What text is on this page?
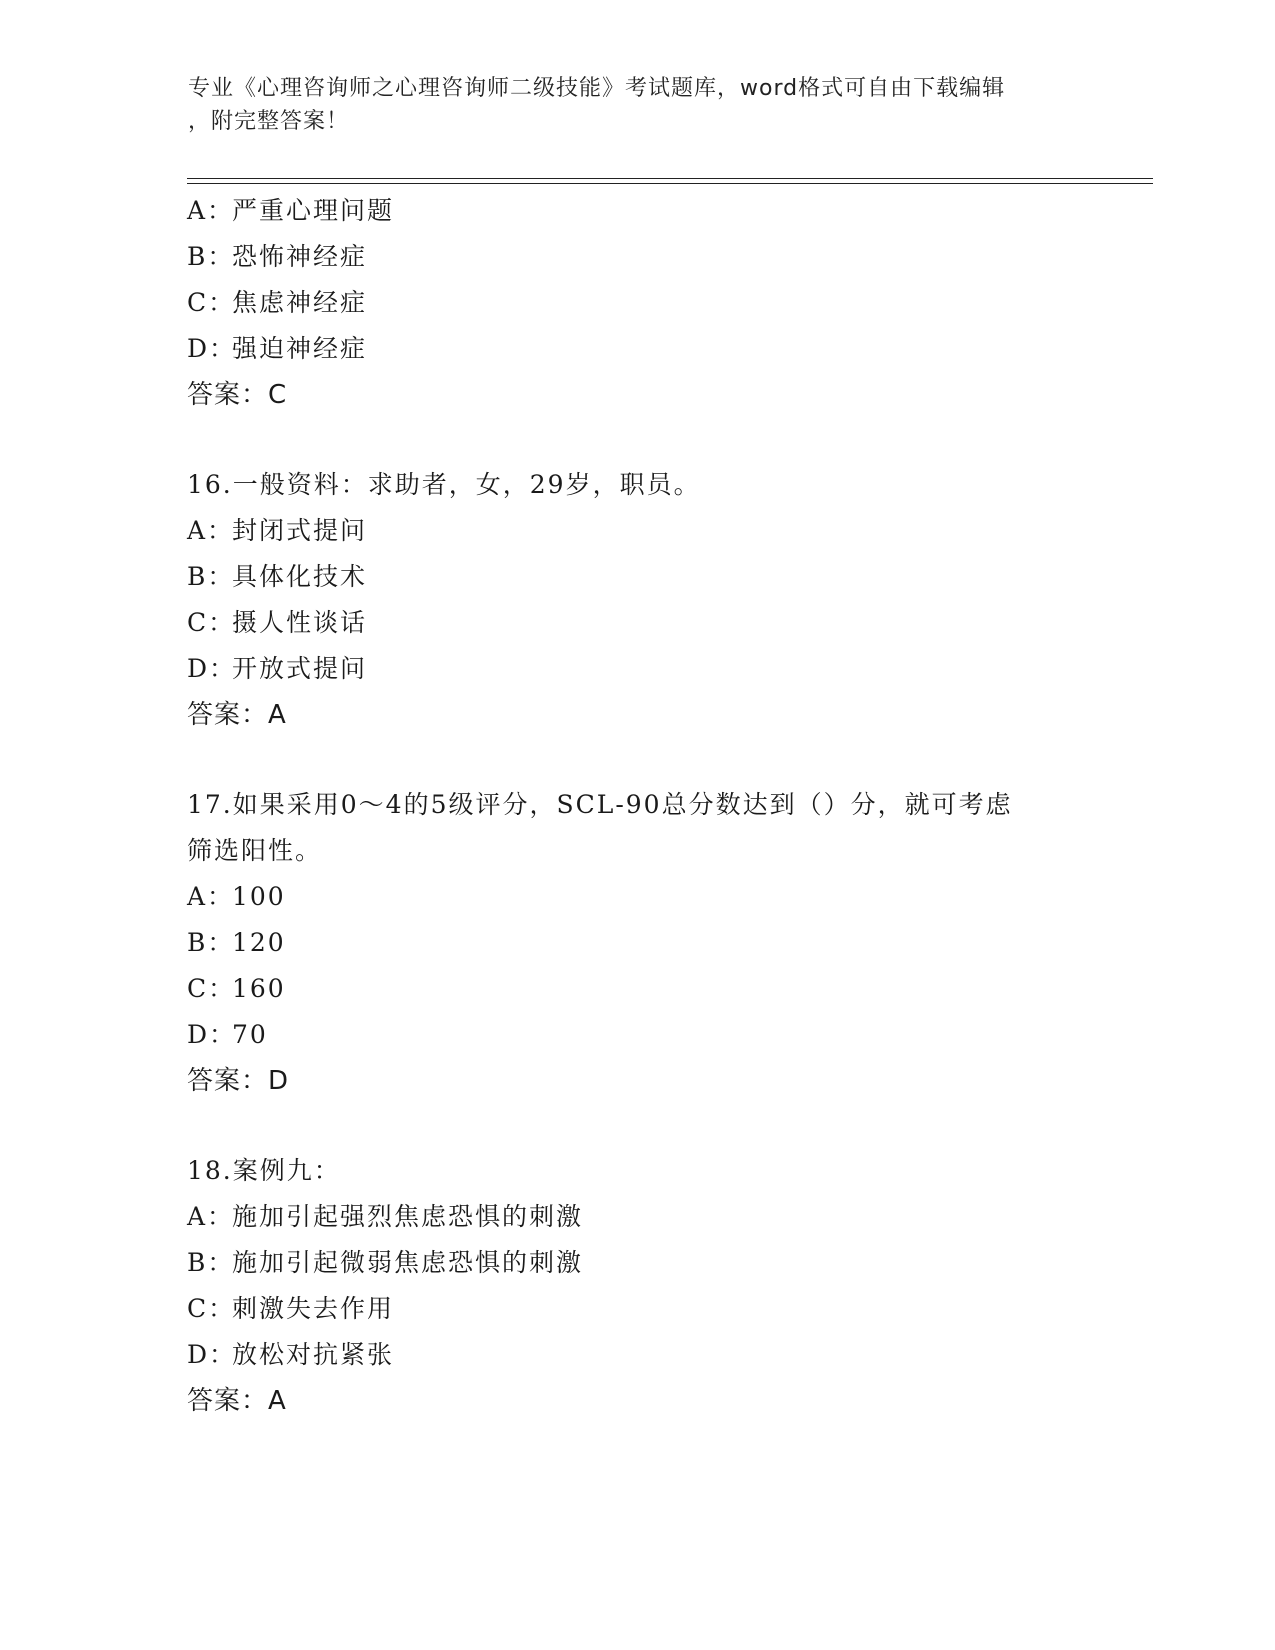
专业《心理咨询师之心理咨询师二级技能》考试题库，word格式可自由下载编辑
，附完整答案！
A：严重心理问题
B：恐怖神经症
C：焦虑神经症
D：强迫神经症
答案：C
16.一般资料：求助者，女，29岁，职员。
A：封闭式提问
B：具体化技术
C：摄人性谈话
D：开放式提问
答案：A
17.如果采用0～4的5级评分，SCL-90总分数达到（）分，就可考虑
筛选阳性。
A：100
B：120
C：160
D：70
答案：D
18.案例九：
A：施加引起强烈焦虑恐惧的刺激
B：施加引起微弱焦虑恐惧的刺激
C：刺激失去作用
D：放松对抗紧张
答案：A
